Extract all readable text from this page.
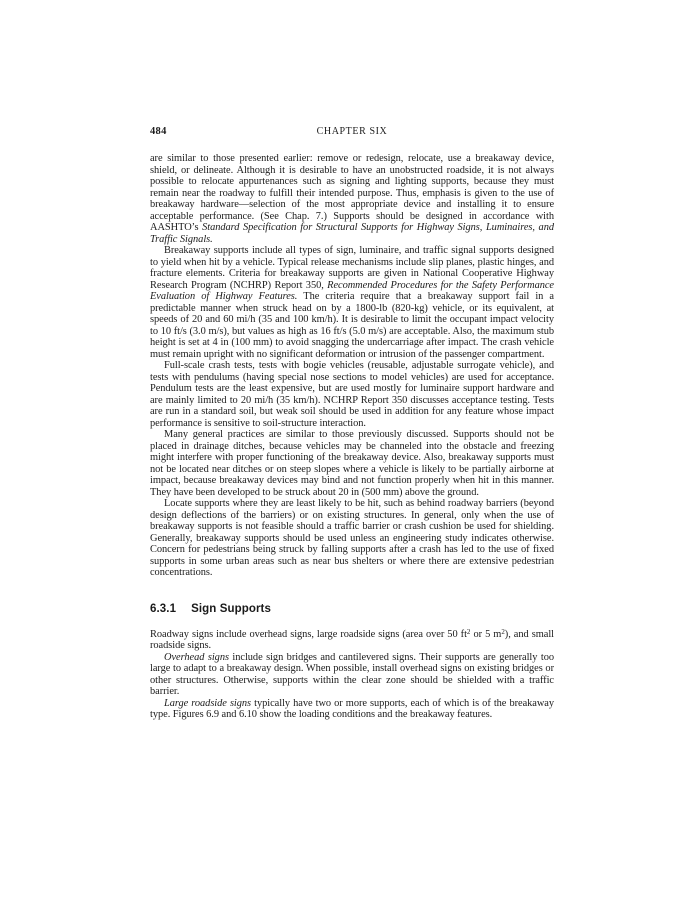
484	CHAPTER SIX

are similar to those presented earlier: remove or redesign, relocate, use a breakaway device, shield, or delineate. Although it is desirable to have an unobstructed roadside, it is not always possible to relocate appurtenances such as signing and lighting supports, because they must remain near the roadway to fulfill their intended purpose. Thus, emphasis is given to the use of breakaway hardware—selection of the most appropriate device and installing it to ensure acceptable performance. (See Chap. 7.) Supports should be designed in accordance with AASHTO’s Standard Specification for Structural Supports for Highway Signs, Luminaires, and Traffic Signals.

Breakaway supports include all types of sign, luminaire, and traffic signal supports designed to yield when hit by a vehicle. Typical release mechanisms include slip planes, plastic hinges, and fracture elements. Criteria for breakaway supports are given in National Cooperative Highway Research Program (NCHRP) Report 350, Recommended Procedures for the Safety Performance Evaluation of Highway Features. The criteria require that a breakaway support fail in a predictable manner when struck head on by a 1800-lb (820-kg) vehicle, or its equivalent, at speeds of 20 and 60 mi/h (35 and 100 km/h). It is desirable to limit the occupant impact velocity to 10 ft/s (3.0 m/s), but values as high as 16 ft/s (5.0 m/s) are acceptable. Also, the maximum stub height is set at 4 in (100 mm) to avoid snagging the undercarriage after impact. The crash vehicle must remain upright with no significant deformation or intrusion of the passenger compartment.

Full-scale crash tests, tests with bogie vehicles (reusable, adjustable surrogate vehicle), and tests with pendulums (having special nose sections to model vehicles) are used for acceptance. Pendulum tests are the least expensive, but are used mostly for luminaire support hardware and are mainly limited to 20 mi/h (35 km/h). NCHRP Report 350 discusses acceptance testing. Tests are run in a standard soil, but weak soil should be used in addition for any feature whose impact performance is sensitive to soil-structure interaction.

Many general practices are similar to those previously discussed. Supports should not be placed in drainage ditches, because vehicles may be channeled into the obstacle and freezing might interfere with proper functioning of the breakaway device. Also, breakaway supports must not be located near ditches or on steep slopes where a vehicle is likely to be partially airborne at impact, because breakaway devices may bind and not function properly when hit in this manner. They have been developed to be struck about 20 in (500 mm) above the ground.

Locate supports where they are least likely to be hit, such as behind roadway barriers (beyond design deflections of the barriers) or on existing structures. In general, only when the use of breakaway supports is not feasible should a traffic barrier or crash cushion be used for shielding. Generally, breakaway supports should be used unless an engineering study indicates otherwise. Concern for pedestrians being struck by falling supports after a crash has led to the use of fixed supports in some urban areas such as near bus shelters or where there are extensive pedestrian concentrations.

6.3.1 Sign Supports

Roadway signs include overhead signs, large roadside signs (area over 50 $ft^2$ or 5 $m^2$), and small roadside signs.

Overhead signs include sign bridges and cantilevered signs. Their supports are generally too large to adapt to a breakaway design. When possible, install overhead signs on existing bridges or other structures. Otherwise, supports within the clear zone should be shielded with a traffic barrier.

Large roadside signs typically have two or more supports, each of which is of the breakaway type. Figures 6.9 and 6.10 show the loading conditions and the breakaway features.
